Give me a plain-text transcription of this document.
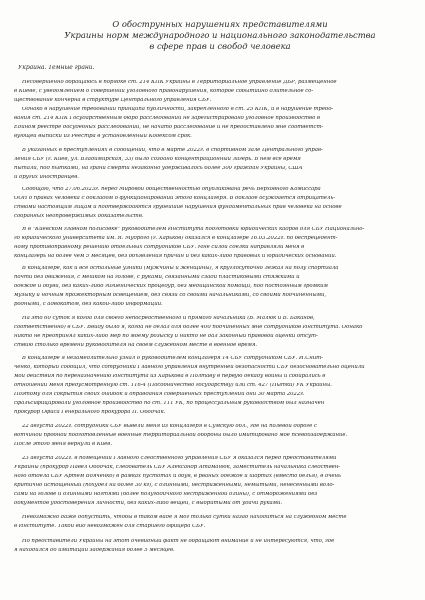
О обострунных нарушениях представителями
Украины норм международного и национального законодательства
в сфере прав и свобод человека
Украина. Темные грани.
Несовершенно обращаюсь в порядке ст. 214 КПК Украины в Территориальное управление ДБР, размещенное
в Киеве, с уведомлением о совершении уголовного правонарушения, которое событийно длительное со-
ществование кончерна в структуре Центрального управления СБУ.
Однако в нарушение требований принципа публичности, закрепленного в ст. 25 КПК, и в нарушение требо-
вания ст. 214 КПК Государственным бюро расследований не зарегистрировано уголовное производство в
Едином реестре досудебных расследований, не начато расследование и не предоставлено мне соответст-
вующей выписки из Реестра в установленный Кодексом срок.
В указанных в преступлениях в сообщении, что в марте 2022г. в спортивном зале Центрального управ-
ления СБУ (г. Киев, ул. Владимирская, 33) было создано концентрационный лагерь. В нем все время
пытали, под пытками, на грани смерти незаконно удерживалось более 300 граждан Украины, США
и других иностранцев.
Сообщаю, что 27.06.2023г. перед Мировой общественностью опубликована речь Верховного Комиссара
ООН о правах человека с докладом о функционировании этого концлагеря. В докладе осуждается отрицатель-
ствами настоящим лицам и подтверждаются грубейшие нарушения фундаментальных прав человека на основе
собранных неопровержимых доказательств.
Я в "Киевском главном полисовке" руководителем Института подготовки юридических кадров для СБУ Национально-
го юридического университета им. Я. Мудрого (г. Харьков) оказался в концлагере 16.03.2022г. по беспрецедент-
ному противоправному решению отдельных сотрудников СБУ. Мне силой сделки направляли меня в
концлагерь на более чем 5 месяцев, без объявления причин и без каких-либо правовых и юридических оснований.
В концлагере, как и все остальные узники (мужчины и женщины), я круглосуточно лежал на полу спортзала
почти без движения, с мешком на голове, с руками, связанными сзади пластиковыми стяжками и
одежде и обуви, без каких-либо гигиенических процедур, без медицинской помощи, под постоянным громким
музыку и ночным прожекторным освещением, без связи со своими начальниками, со своими подчиненными,
родными, с адвокатом, без какой-либо информации.
На это 60 суток я когда для своего непосредственного и прямого начальника (В. Малюк и В. Баканов,
соответственно) в СБУ. Ввиду было я, когда не делал для более 400 подчиненных мне сотрудников Института. Однако
никто не предпринял каких-либо мер по моему розыску и никто не дал законный правовой оценки отсут-
ствию столько времени руководителя на своем служебном месте в военное время.
В концлагере я незамедлительно узнал о руководителем концлагеря 14 СБУ сотрудником СБУ. И.Снит-
ченко, который сообщил, что сотрудники Главного управления внутренней безопасности СБУ безосновательно оценили
мои действия по переназначению Института из Харькова в Полтаву в первую декаду войны и собирались в
отношении меня предусмотренную ст. 116-4 (Пособничество государству) или ст. 427 (Пытки) УК Украины.
Поэтому для сокрытия своих ошибок и оправдания совершенных преступлений они 30 марта 2022г.
сфальсифицировали уголовное производство по ст. 111 УК, по процессуальным руководством был назначен
прокурор Офиса Генерального прокурора П. Ободчак.
22 августа 2022г. сотрудники СБУ вывели меня из концлагеря в Сумскую обл., где на полевой дороге с
вотчиной пробной подготовленные военные территориальной обороны было имитировано мое псевдозадержание.
После этого меня вернули в Киев.
23 августа 2022г. в помещении Главного следственного управления СБУ я оказался перед представителями
Украины (прокурор Павел Ободчак, следователь СБУ Александр Атаманюк, заместитель начальника следствен-
ного отдела СБУ Артём Вояченко) в рамках пустотах и обув, в рваных одежде и шортах (вместо белья), в очень
критично истощенный (похудел на более 30 кг), с длинными, нестриженными, немытыми, ненесенными воло-
сами на голове и длинными ногтями (более полугодичного нестриженной длины), с отморожениями без
документов удостоверения личности, без каких-либо вещей, с выбритыми от удачи руками.
Невозможно даже допустить, чтобы в таком виде я мог только сутки назад находиться на служебном месте
в Институте. Такой вид невозможен для старшего офицера СБУ.
Но представители Украины на этот очевидный факт не обращают внимание и не интересуются, что, где
я находился до имитации задержания более 5 месяцев.
